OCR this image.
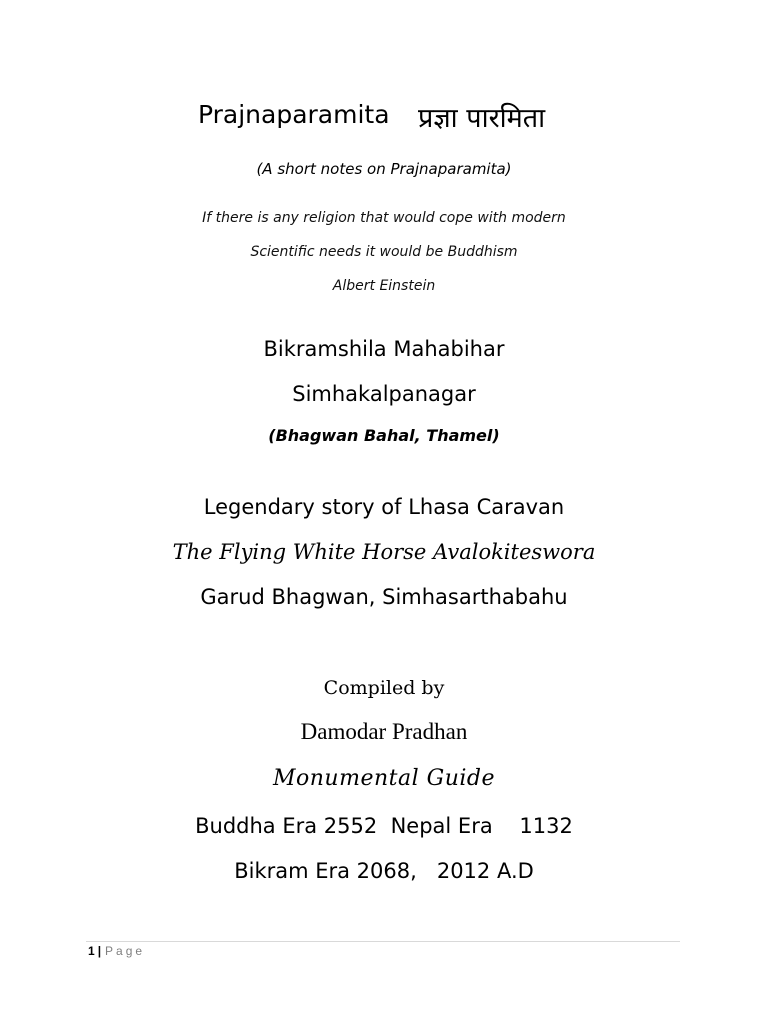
Prajnaparamita प्रज्ञा पारमिता
(A short notes on Prajnaparamita)
If there is any religion that would cope with modern
Scientific needs it would be Buddhism
Albert Einstein
Bikramshila Mahabihar
Simhakalpanagar
(Bhagwan Bahal, Thamel)
Legendary story of Lhasa Caravan
The Flying White Horse Avalokiteswora
Garud Bhagwan, Simhasarthabahu
Compiled by
Damodar Pradhan
Monumental Guide
Buddha Era 2552  Nepal Era    1132
Bikram Era 2068,   2012 A.D
1 | Page
